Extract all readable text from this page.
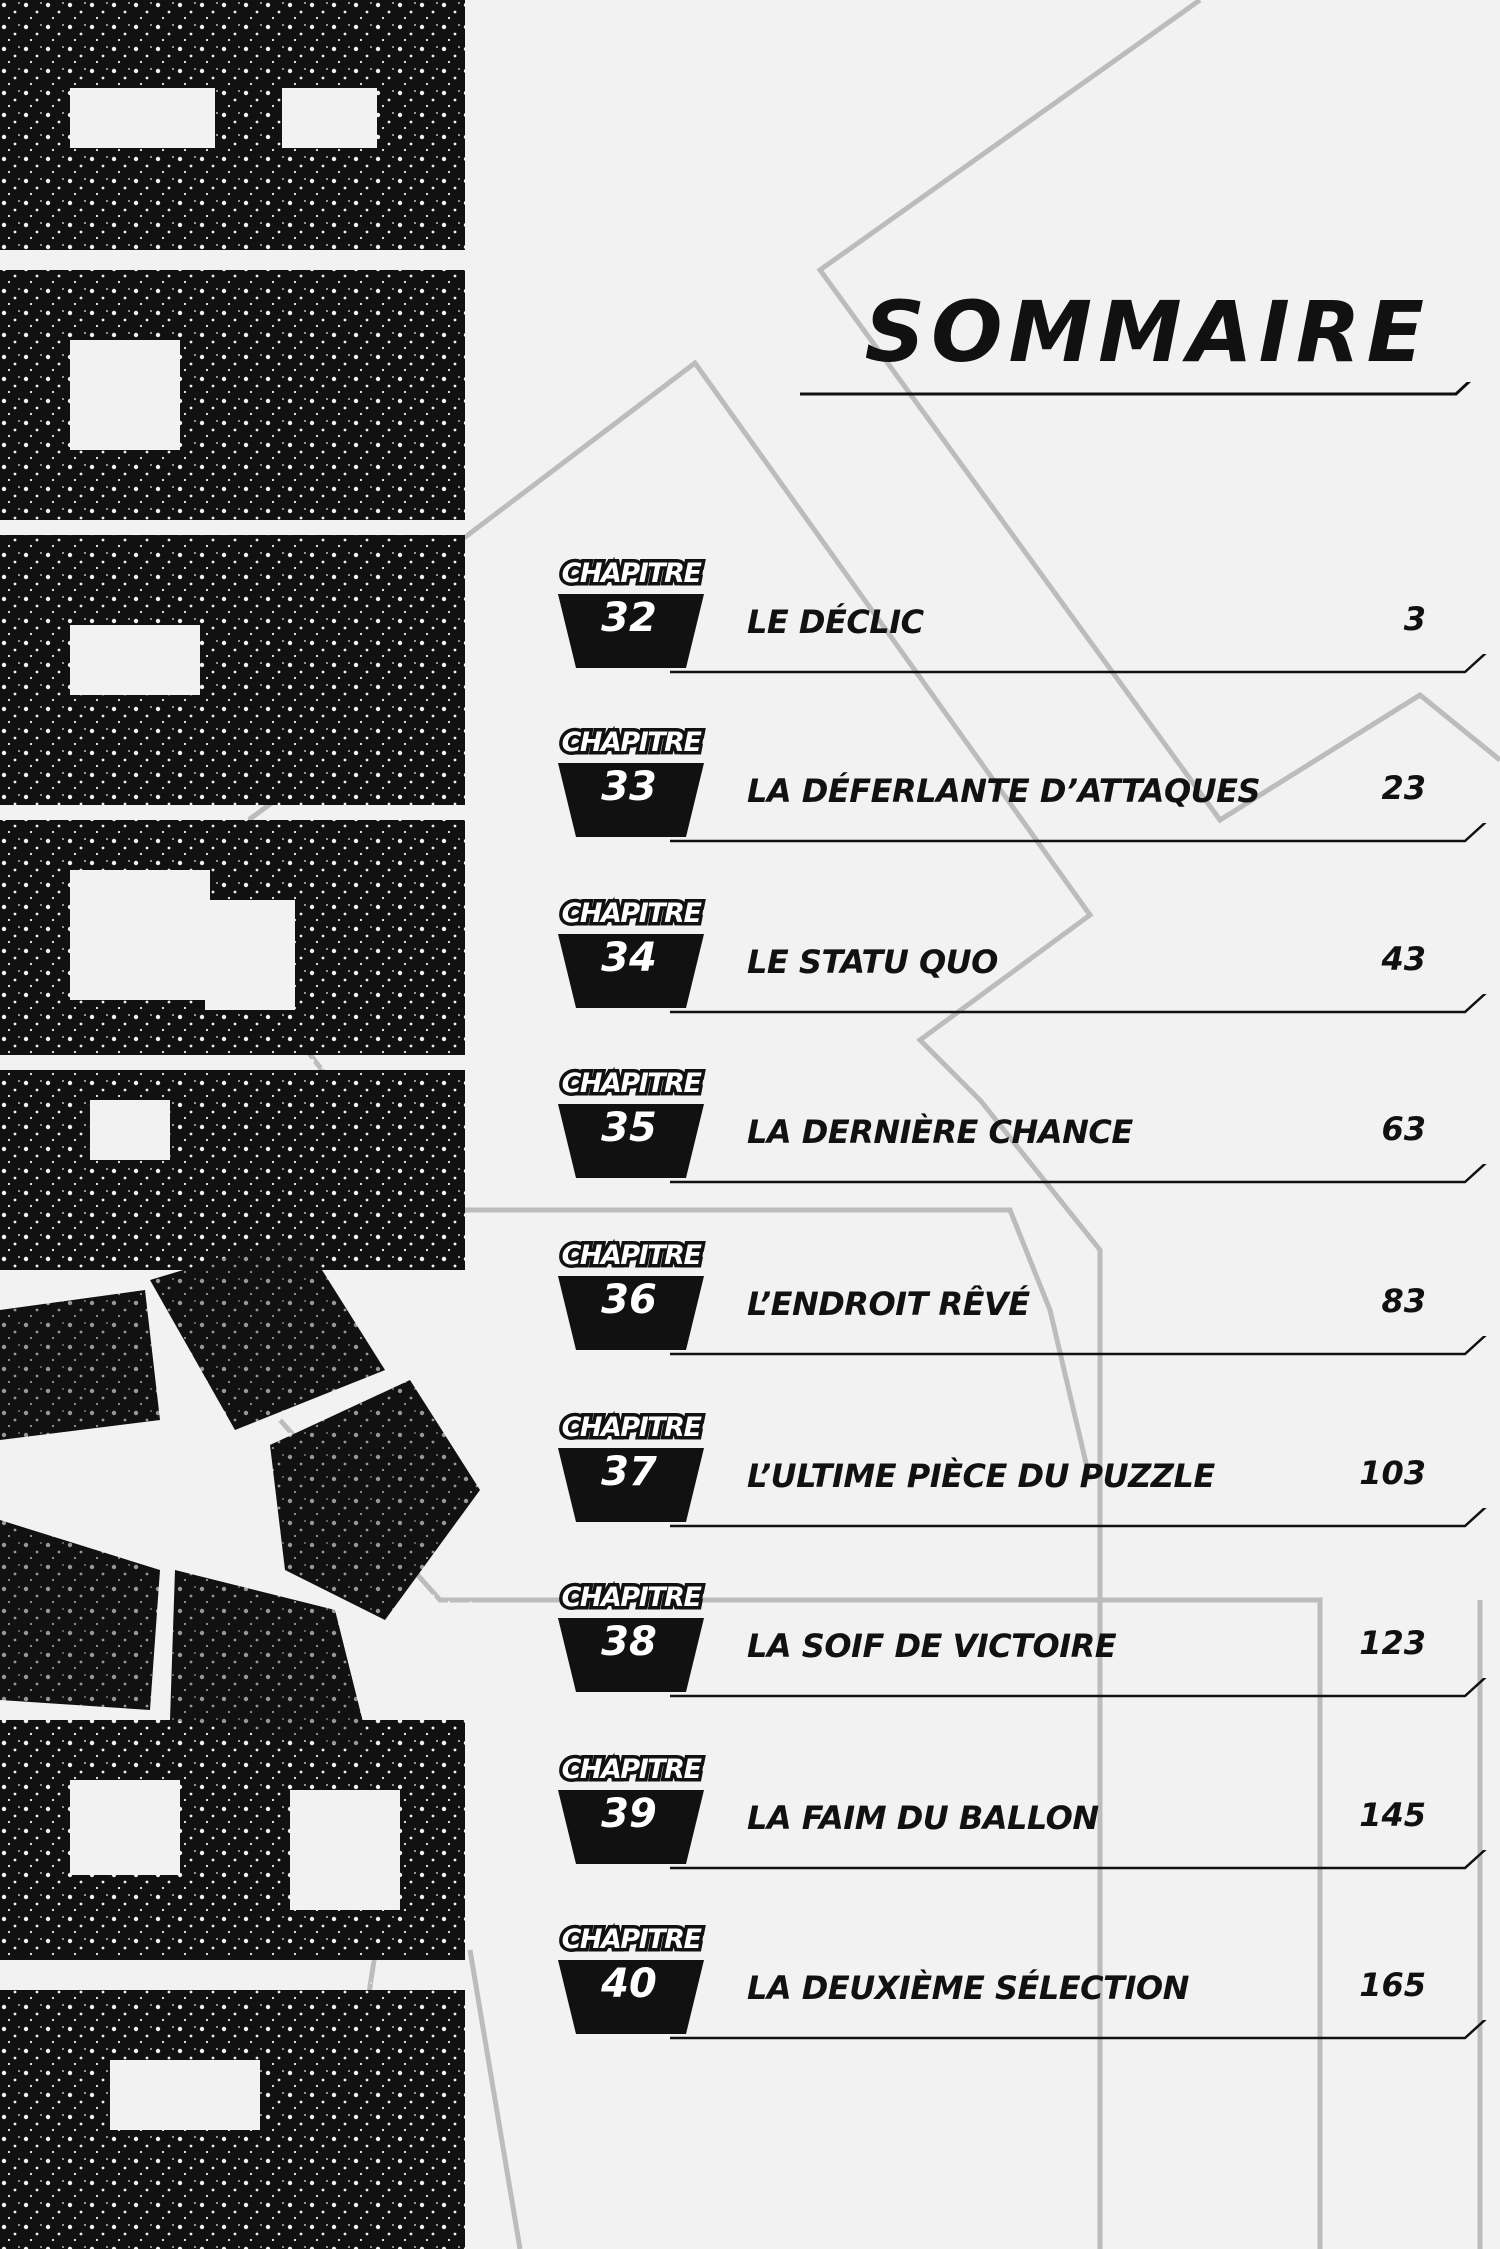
SOMMAIRE
CHAPITRE
32	LE DÉCLIC	3
CHAPITRE
33	LA DÉFERLANTE D’ATTAQUES	23
CHAPITRE
34	LE STATU QUO	43
CHAPITRE
35	LA DERNIÈRE CHANCE	63
CHAPITRE
36	L’ENDROIT RÊVÉ	83
CHAPITRE
37	L’ULTIME PIÈCE DU PUZZLE	103
CHAPITRE
38	LA SOIF DE VICTOIRE	123
CHAPITRE
39	LA FAIM DU BALLON	145
CHAPITRE
40	LA DEUXIÈME SÉLECTION	165
